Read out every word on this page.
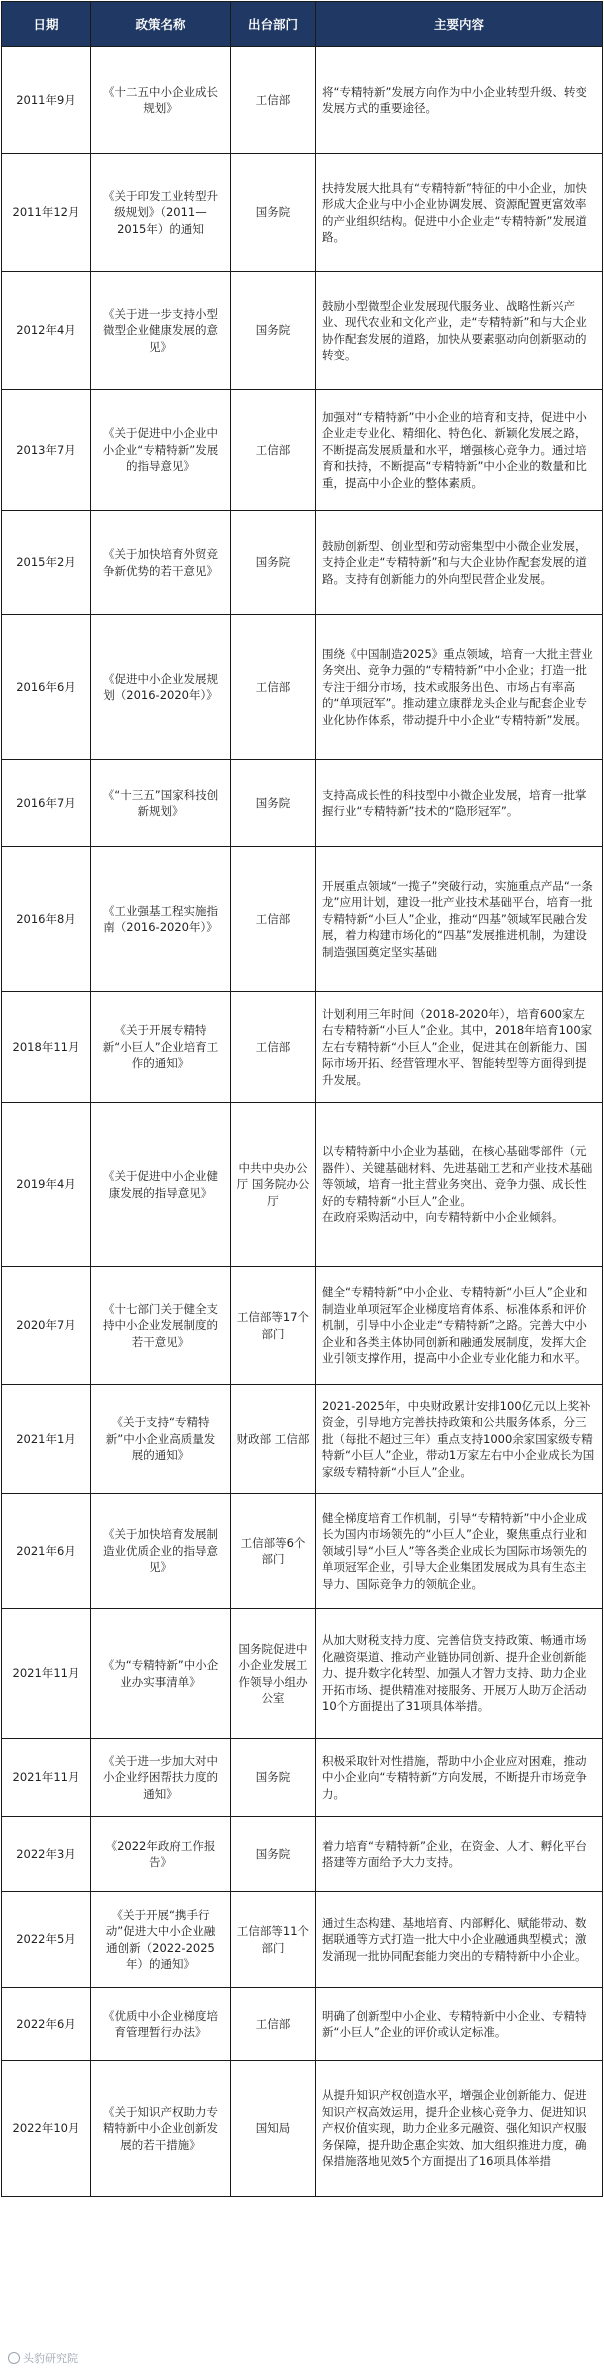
日期	政策名称	出台部门	主要内容
2011年9月	《十二五中小企业成长规划》	工信部	将“专精特新”发展方向作为中小企业转型升级、转变发展方式的重要途径。
2011年12月	《关于印发工业转型升级规划》（2011—2015年）的通知	国务院	扶持发展大批具有“专精特新”特征的中小企业，加快形成大企业与中小企业协调发展、资源配置更富效率的产业组织结构。促进中小企业走“专精特新”发展道路。
2012年4月	《关于进一步支持小型微型企业健康发展的意见》	国务院	鼓励小型微型企业发展现代服务业、战略性新兴产业、现代农业和文化产业，走“专精特新”和与大企业协作配套发展的道路，加快从要素驱动向创新驱动的转变。
2013年7月	《关于促进中小企业中小企业“专精特新”发展的指导意见》	工信部	加强对“专精特新”中小企业的培育和支持，促进中小企业走专业化、精细化、特色化、新颖化发展之路，不断提高发展质量和水平，增强核心竞争力。通过培育和扶持，不断提高“专精特新”中小企业的数量和比重，提高中小企业的整体素质。
2015年2月	《关于加快培育外贸竞争新优势的若干意见》	国务院	鼓励创新型、创业型和劳动密集型中小微企业发展，支持企业走“专精特新”和与大企业协作配套发展的道路。支持有创新能力的外向型民营企业发展。
2016年6月	《促进中小企业发展规划（2016-2020年）》	工信部	围绕《中国制造2025》重点领域，培育一大批主营业务突出、竞争力强的“专精特新”中小企业；打造一批专注于细分市场，技术或服务出色、市场占有率高的“单项冠军”。推动建立康群龙头企业与配套企业专业化协作体系，带动提升中小企业“专精特新”发展。
2016年7月	《“十三五”国家科技创新规划》	国务院	支持高成长性的科技型中小微企业发展，培育一批掌握行业“专精特新”技术的“隐形冠军”。
2016年8月	《工业强基工程实施指南（2016-2020年）》	工信部	开展重点领域“一揽子”突破行动，实施重点产品“一条龙”应用计划，建设一批产业技术基础平台，培育一批专精特新“小巨人”企业，推动“四基”领域军民融合发展，着力构建市场化的“四基”发展推进机制，为建设制造强国奠定坚实基础
2018年11月	《关于开展专精特新“小巨人”企业培育工作的通知》	工信部	计划利用三年时间（2018-2020年），培育600家左右专精特新“小巨人”企业。其中，2018年培育100家左右专精特新“小巨人”企业，促进其在创新能力、国际市场开拓、经营管理水平、智能转型等方面得到提升发展。
2019年4月	《关于促进中小企业健康发展的指导意见》	中共中央办公厅 国务院办公厅	以专精特新中小企业为基础，在核心基础零部件（元器件）、关键基础材料、先进基础工艺和产业技术基础等领域，培育一批主营业务突出、竞争力强、成长性好的专精特新“小巨人”企业。
在政府采购活动中，向专精特新中小企业倾斜。
2020年7月	《十七部门关于健全支持中小企业发展制度的若干意见》	工信部等17个部门	健全“专精特新”中小企业、专精特新“小巨人”企业和制造业单项冠军企业梯度培育体系、标准体系和评价机制，引导中小企业走“专精特新”之路。完善大中小企业和各类主体协同创新和融通发展制度，发挥大企业引领支撑作用，提高中小企业专业化能力和水平。
2021年1月	《关于支持“专精特新”中小企业高质量发展的通知》	财政部 工信部	2021-2025年，中央财政累计安排100亿元以上奖补资金，引导地方完善扶持政策和公共服务体系，分三批（每批不超过三年）重点支持1000余家国家级专精特新“小巨人”企业，带动1万家左右中小企业成长为国家级专精特新“小巨人”企业。
2021年6月	《关于加快培育发展制造业优质企业的指导意见》	工信部等6个部门	健全梯度培育工作机制，引导“专精特新”中小企业成长为国内市场领先的“小巨人”企业，聚焦重点行业和领域引导“小巨人”等各类企业成长为国际市场领先的单项冠军企业，引导大企业集团发展成为具有生态主导力、国际竞争力的领航企业。
2021年11月	《为“专精特新”中小企业办实事清单》	国务院促进中小企业发展工作领导小组办公室	从加大财税支持力度、完善信贷支持政策、畅通市场化融资渠道、推动产业链协同创新、提升企业创新能力、提升数字化转型、加强人才智力支持、助力企业开拓市场、提供精准对接服务、开展万人助万企活动10个方面提出了31项具体举措。
2021年11月	《关于进一步加大对中小企业纾困帮扶力度的通知》	国务院	积极采取针对性措施，帮助中小企业应对困难，推动中小企业向“专精特新”方向发展，不断提升市场竞争力。
2022年3月	《2022年政府工作报告》	国务院	着力培育“专精特新”企业，在资金、人才、孵化平台搭建等方面给予大力支持。
2022年5月	《关于开展“携手行动”促进大中小企业融通创新（2022-2025年）的通知》	工信部等11个部门	通过生态构建、基地培育、内部孵化、赋能带动、数据联通等方式打造一批大中小企业融通典型模式；激发涌现一批协同配套能力突出的专精特新中小企业。
2022年6月	《优质中小企业梯度培育管理暂行办法》	工信部	明确了创新型中小企业、专精特新中小企业、专精特新“小巨人”企业的评价或认定标准。
2022年10月	《关于知识产权助力专精特新中小企业创新发展的若干措施》	国知局	从提升知识产权创造水平，增强企业创新能力、促进知识产权高效运用，提升企业核心竞争力、促进知识产权价值实现，助力企业多元融资、强化知识产权服务保障，提升助企惠企实效、加大组织推进力度，确保措施落地见效5个方面提出了16项具体举措
头豹研究院
